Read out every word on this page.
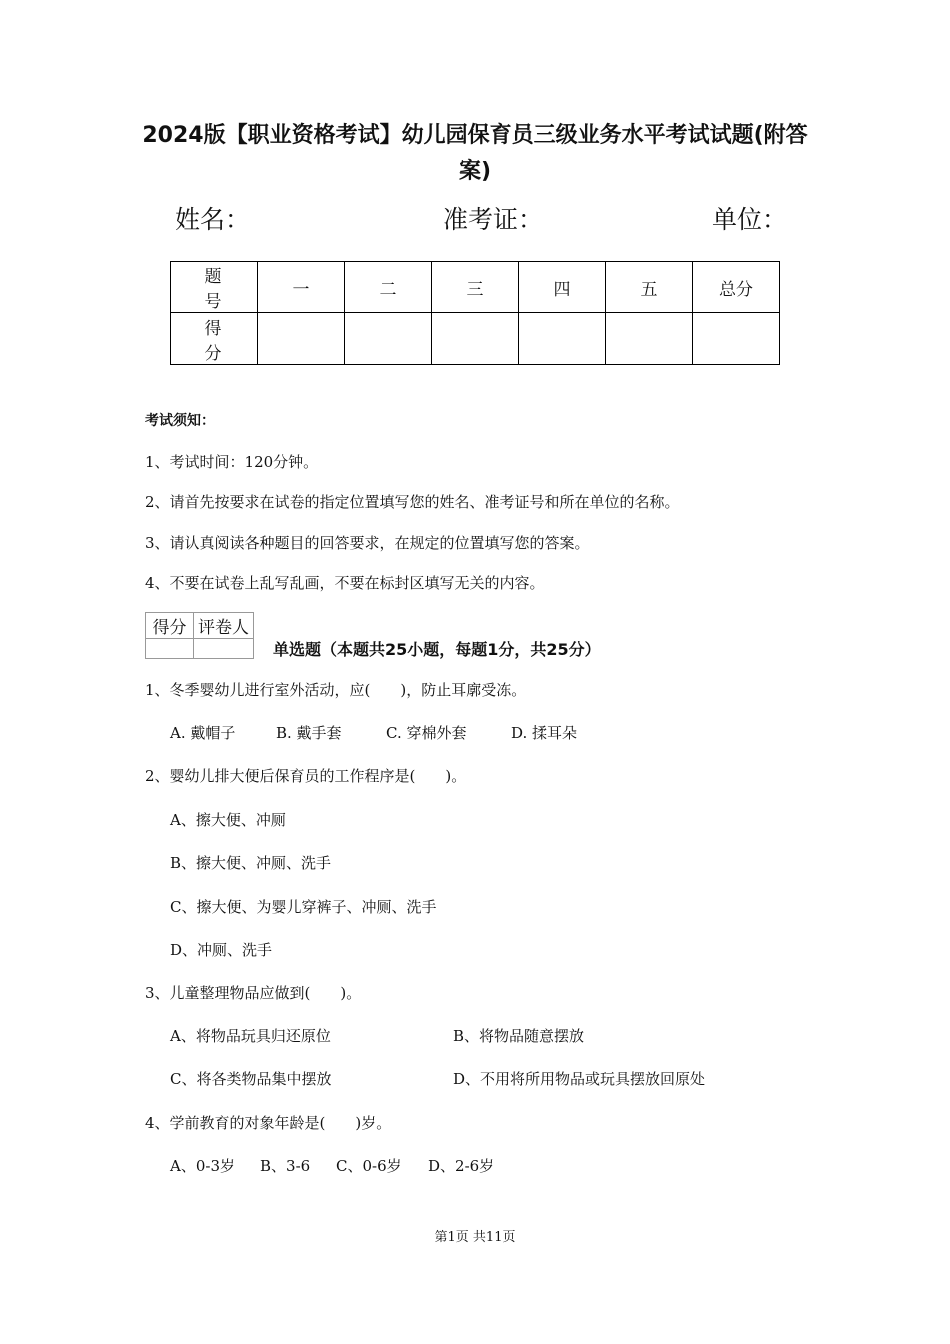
2024版【职业资格考试】幼儿园保育员三级业务水平考试试题(附答案)
姓名：	准考证：	单位：
题 号	一	二	三	四	五	总分
得 分						
考试须知：
1、考试时间：120分钟。
2、请首先按要求在试卷的指定位置填写您的姓名、准考证号和所在单位的名称。
3、请认真阅读各种题目的回答要求，在规定的位置填写您的答案。
4、不要在试卷上乱写乱画，不要在标封区填写无关的内容。
得分	评卷人

单选题（本题共25小题，每题1分，共25分）
1、冬季婴幼儿进行室外活动，应(　　)，防止耳廓受冻。
A. 戴帽子	B. 戴手套	C. 穿棉外套	D. 揉耳朵
2、婴幼儿排大便后保育员的工作程序是(　　)。
A、擦大便、冲厕
B、擦大便、冲厕、洗手
C、擦大便、为婴儿穿裤子、冲厕、洗手
D、冲厕、洗手
3、儿童整理物品应做到(　　)。
A、将物品玩具归还原位	B、将物品随意摆放
C、将各类物品集中摆放	D、不用将所用物品或玩具摆放回原处
4、学前教育的对象年龄是(　　)岁。
A、0-3岁 B、3-6 C、0-6岁 D、2-6岁
第1页 共11页
